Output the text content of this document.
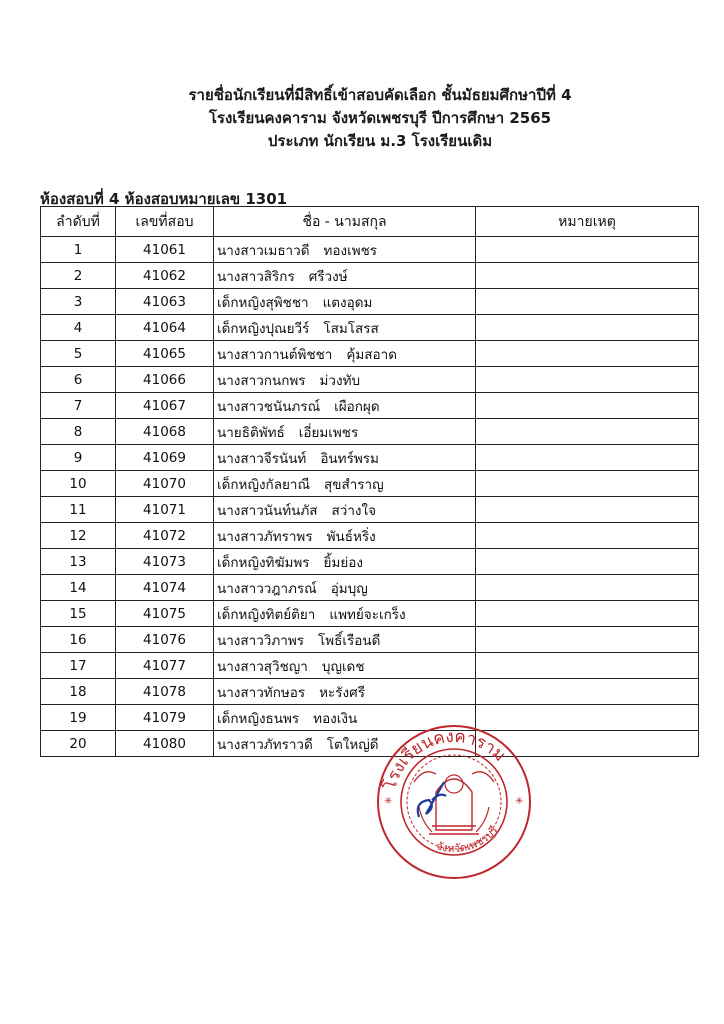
รายชื่อนักเรียนที่มีสิทธิ์เข้าสอบคัดเลือก ชั้นมัธยมศึกษาปีที่ 4
โรงเรียนคงคาราม จังหวัดเพชรบุรี ปีการศึกษา 2565
ประเภท นักเรียน ม.3 โรงเรียนเดิม
ห้องสอบที่ 4 ห้องสอบหมายเลข 1301
ลำดับที่	เลขที่สอบ	ชื่อ - นามสกุล	หมายเหตุ
1	41061	นางสาวเมธาวดี ทองเพชร	
2	41062	นางสาวสิริกร ศรีวงษ์	
3	41063	เด็กหญิงสุพิชชา แตงอุดม	
4	41064	เด็กหญิงปุณยวีร์ โสมโสรส	
5	41065	นางสาวกานต์พิชชา คุ้มสอาด	
6	41066	นางสาวกนกพร ม่วงทับ	
7	41067	นางสาวชนันภรณ์ เผือกผุด	
8	41068	นายธิติพัทธ์ เอี่ยมเพชร	
9	41069	นางสาวจีรนันท์ อินทร์พรม	
10	41070	เด็กหญิงกัลยาณี สุขสำราญ	
11	41071	นางสาวนันท์นภัส สว่างใจ	
12	41072	นางสาวภัทราพร พันธ์หริ่ง	
13	41073	เด็กหญิงทิฆัมพร ยิ้มย่อง	
14	41074	นางสาววฎาภรณ์ อุ่มบุญ	
15	41075	เด็กหญิงทิตย์ติยา แพทย์จะเกร็ง	
16	41076	นางสาววิภาพร โพธิ์เรือนดี	
17	41077	นางสาวสุวิชญา บุญเดช	
18	41078	นางสาวทักษอร หะรังศรี	
19	41079	เด็กหญิงธนพร ทองเงิน	
20	41080	นางสาวภัทราวดี โตใหญ่ดี	
✳	✳
โรงเรียนคงคาราม
จังหวัดเพชรบุรี
